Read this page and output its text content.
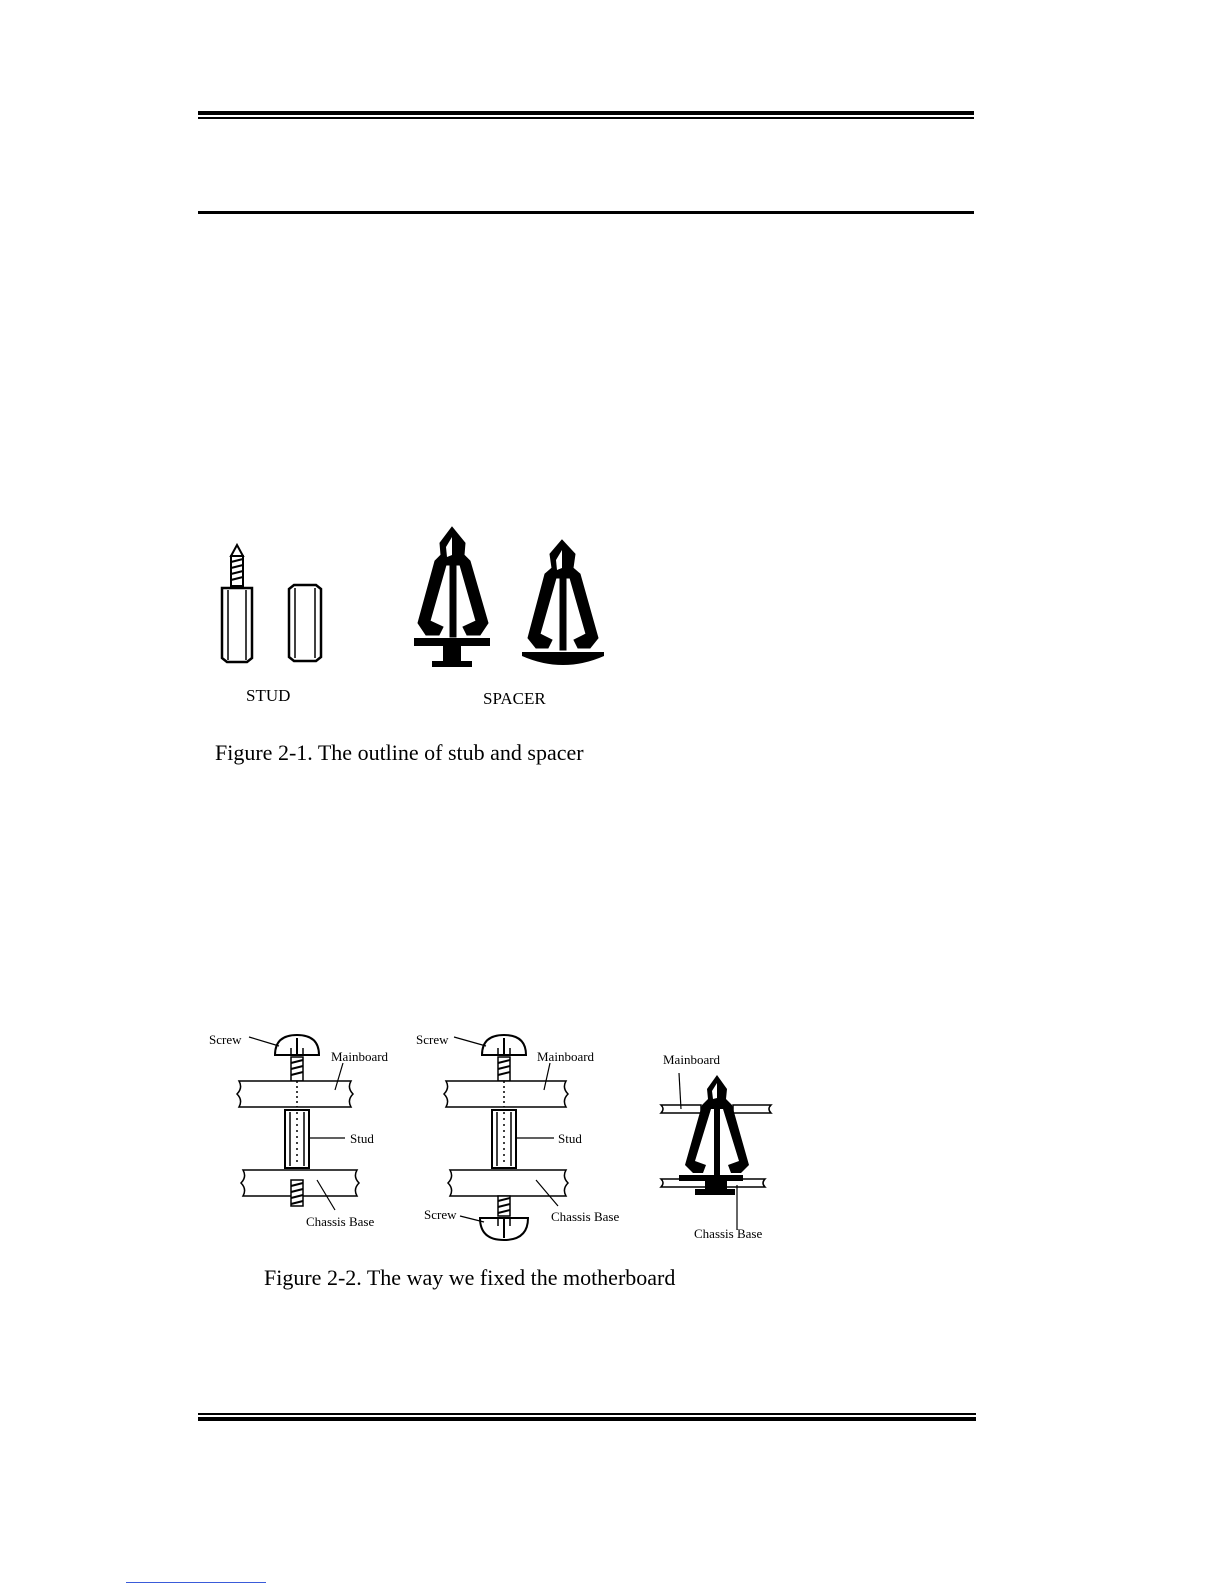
STUD	SPACER
Figure 2-1. The outline of stub and spacer
Screw
Mainboard
Stud
Chassis Base
Screw
Mainboard
Stud
Screw	Chassis Base
Mainboard
Chassis Base
Figure 2-2. The way we fixed the motherboard
